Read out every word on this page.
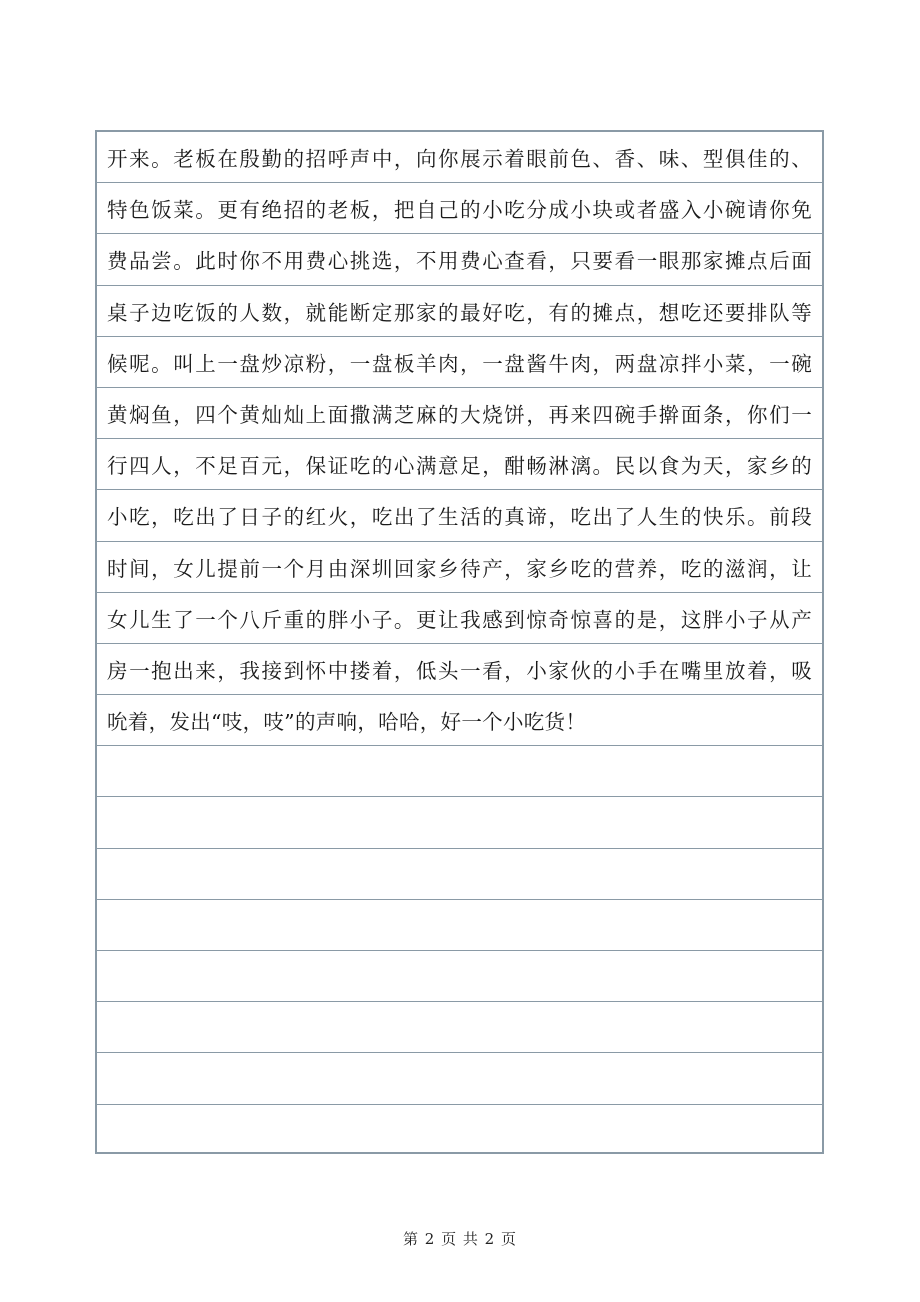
开来。老板在殷勤的招呼声中，向你展示着眼前色、香、味、型俱佳的、
特色饭菜。更有绝招的老板，把自己的小吃分成小块或者盛入小碗请你免
费品尝。此时你不用费心挑选，不用费心查看，只要看一眼那家摊点后面
桌子边吃饭的人数，就能断定那家的最好吃，有的摊点，想吃还要排队等
候呢。叫上一盘炒凉粉，一盘板羊肉，一盘酱牛肉，两盘凉拌小菜，一碗
黄焖鱼，四个黄灿灿上面撒满芝麻的大烧饼，再来四碗手擀面条，你们一
行四人，不足百元，保证吃的心满意足，酣畅淋漓。民以食为天，家乡的
小吃，吃出了日子的红火，吃出了生活的真谛，吃出了人生的快乐。前段
时间，女儿提前一个月由深圳回家乡待产，家乡吃的营养，吃的滋润，让
女儿生了一个八斤重的胖小子。更让我感到惊奇惊喜的是，这胖小子从产
房一抱出来，我接到怀中搂着，低头一看，小家伙的小手在嘴里放着，吸
吮着，发出“吱，吱”的声响，哈哈，好一个小吃货！
第 2 页 共 2 页
